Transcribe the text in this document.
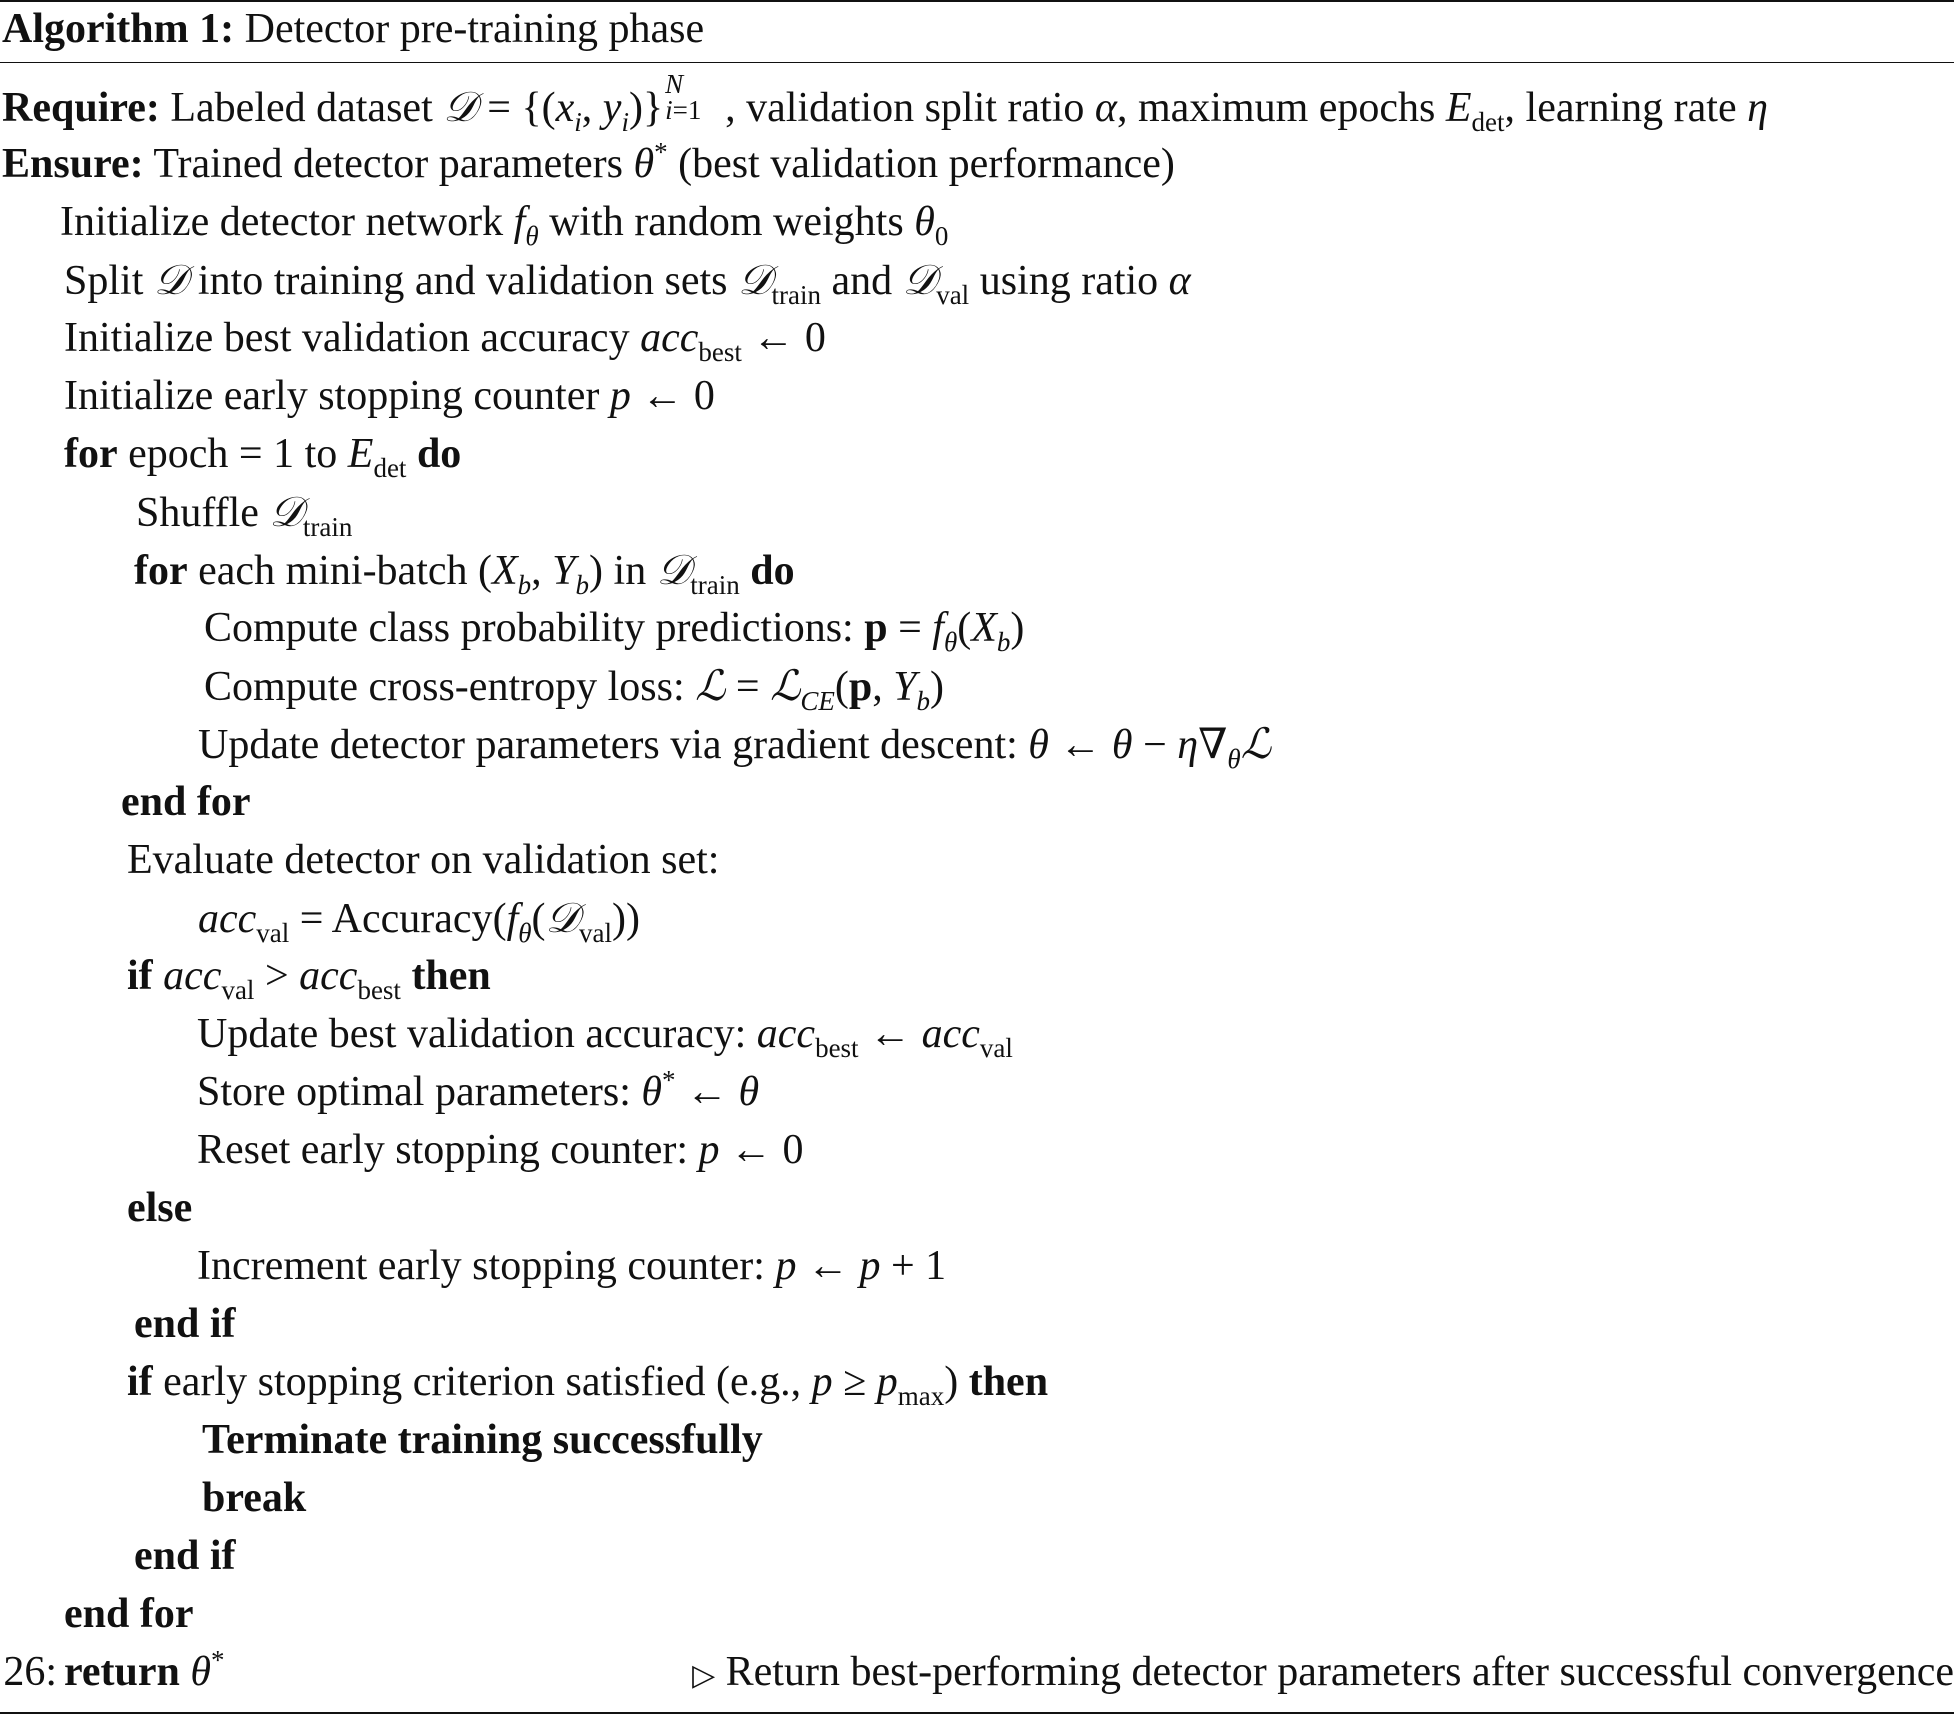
Algorithm 1: Detector pre-training phase
Require: Labeled dataset 𝒟 = {($x_i$, $y_i$)}
N
i=1 , validation split ratio α, maximum epochs $E_{det}$, learning rate η
Ensure: Trained detector parameters θ* (best validation performance)
Initialize detector network $f_\theta$ with random weights $\theta_0$
Split 𝒟 into training and validation sets 𝒟$_{train}$ and 𝒟$_{val}$ using ratio α
Initialize best validation accuracy acc$_{best}$ ← 0
Initialize early stopping counter p ← 0
for epoch = 1 to $E_{det}$ do
Shuffle 𝒟$_{train}$
for each mini-batch ($X_b$, $Y_b$) in 𝒟$_{train}$ do
Compute class probability predictions: $p = f_\theta(X_b)$
Compute cross-entropy loss: ℒ = ℒ$_{CE}$(p, $Y_b$)
Update detector parameters via gradient descent: θ ← $\theta - \eta\nabla_\theta ℒ$
end for
Evaluate detector on validation set:
$acc_{val} = Accuracy(f_\theta(𝒟_{val}))$
if acc$_{val}$ > acc$_{best}$ then
Update best validation accuracy: acc$_{best}$ ← acc$_{val}$
Store optimal parameters: θ* ← θ
Reset early stopping counter: p ← 0
else
Increment early stopping counter: p ← p + 1
end if
if early stopping criterion satisfied (e.g., $p \ge p_{max}$) then
Terminate training successfully
break
end if
end for
26: return θ*	▷ Return best-performing detector parameters after successful convergence
